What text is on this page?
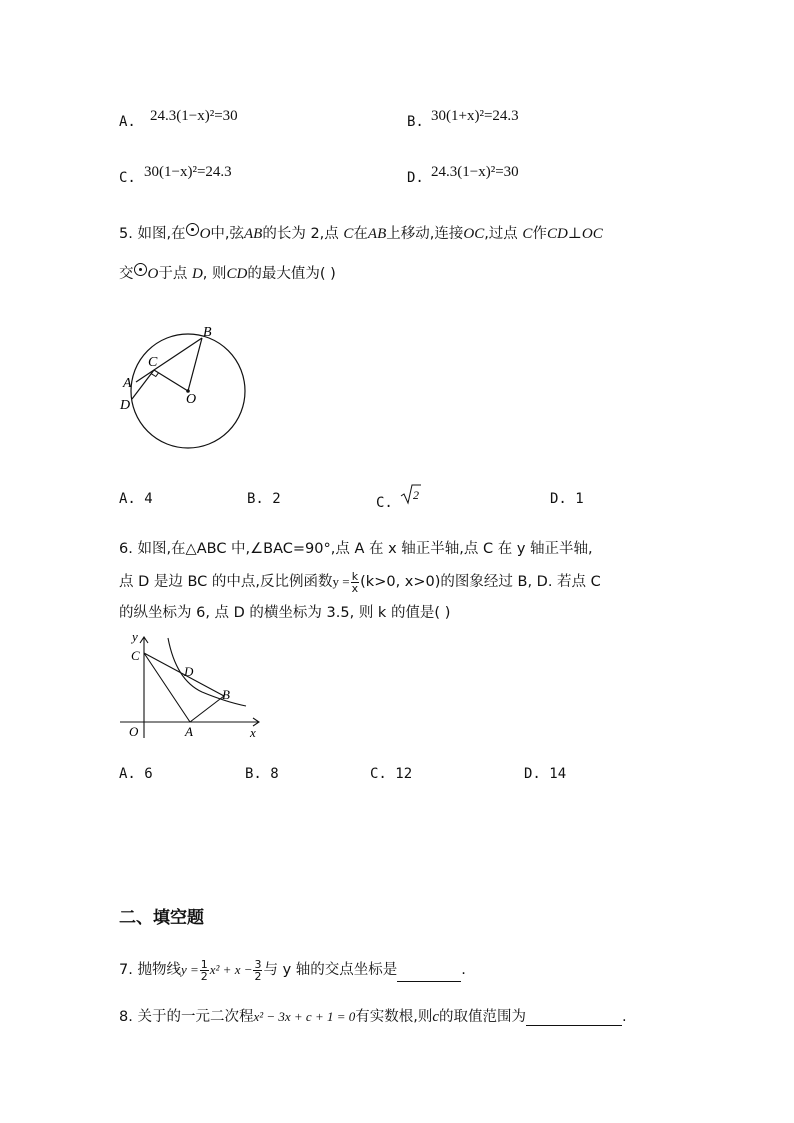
A. 24.3(1−x)²=30	B. 30(1+x)²=24.3
C. 30(1−x)²=24.3	D. 24.3(1−x)²=30
5. 如图,在 O中,弦AB的长为 2,点 C在AB上移动,连接OC,过点 C作CD⊥OC
交 O于点 D, 则CD的最大值为( )
B
C
A
D	O
A. 4	B. 2	C. 2	D. 1
6. 如图,在△ABC 中,∠BAC=90°,点 A 在 x 轴正半轴,点 C 在 y 轴正半轴,
点 D 是边 BC 的中点,反比例函数$y = \frac{k}{x} (k>0$, x>0)的图象经过 B, D. 若点 C
的纵坐标为 6, 点 D 的横坐标为 3.5, 则 k 的值是( )
y
x
C
D
B
O	A
A. 6	B. 8	C. 12	D. 14
二、填空题
7. 抛物线$y = \frac{1}{2} x^2 + x - \frac{3}{2}$ 与 y 轴的交点坐标是	.
8. 关于的一元二次程x² − 3x + c + 1 = 0有实数根,则c的取值范围为	.
